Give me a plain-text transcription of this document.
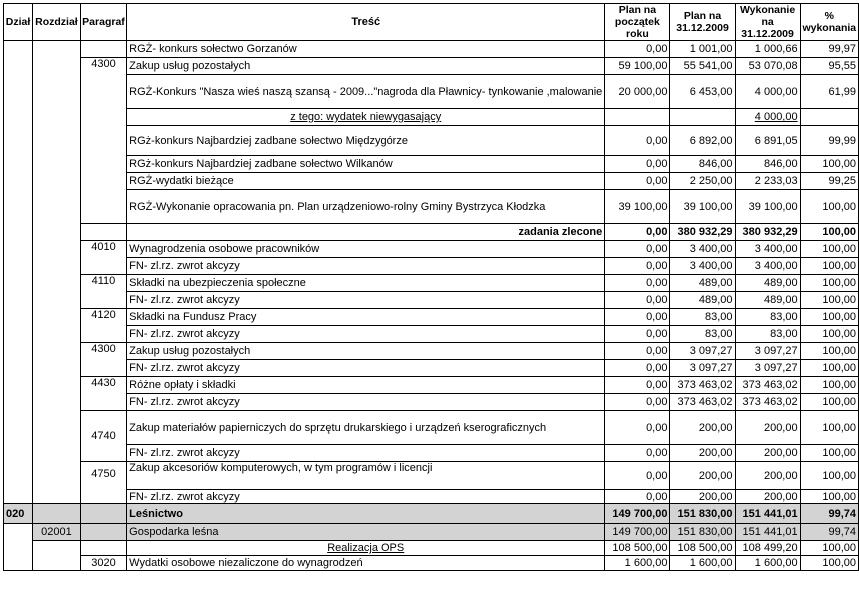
Dział	Rozdział	Paragraf	Treść	Plan na początek roku	Plan na 31.12.2009	Wykonanie na 31.12.2009	% wykonania
			RGŻ- konkurs sołectwo Gorzanów	0,00	1 001,00	1 000,66	99,97
		4300	Zakup usług pozostałych	59 100,00	55 541,00	53 070,08	95,55
			RGŻ-Konkurs "Nasza wieś naszą szansą - 2009..."nagroda dla Pławnicy- tynkowanie ,malowanie	20 000,00	6 453,00	4 000,00	61,99
			z tego: wydatek niewygasający			4 000,00	
			RGż-konkurs Najbardziej zadbane sołectwo Międzygórze	0,00	6 892,00	6 891,05	99,99
			RGż-konkurs Najbardziej zadbane sołectwo Wilkanów	0,00	846,00	846,00	100,00
			RGŻ-wydatki bieżące	0,00	2 250,00	2 233,03	99,25
			RGŻ-Wykonanie opracowania pn. Plan urządzeniowo-rolny Gminy Bystrzyca Kłodzka	39 100,00	39 100,00	39 100,00	100,00
			zadania zlecone	0,00	380 932,29	380 932,29	100,00
		4010	Wynagrodzenia osobowe pracowników	0,00	3 400,00	3 400,00	100,00
			FN- zl.rz. zwrot akcyzy	0,00	3 400,00	3 400,00	100,00
		4110	Składki na ubezpieczenia społeczne	0,00	489,00	489,00	100,00
			FN- zl.rz. zwrot akcyzy	0,00	489,00	489,00	100,00
		4120	Składki na Fundusz Pracy	0,00	83,00	83,00	100,00
			FN- zl.rz. zwrot akcyzy	0,00	83,00	83,00	100,00
		4300	Zakup usług pozostałych	0,00	3 097,27	3 097,27	100,00
			FN- zl.rz. zwrot akcyzy	0,00	3 097,27	3 097,27	100,00
		4430	Różne opłaty i składki	0,00	373 463,02	373 463,02	100,00
			FN- zl.rz. zwrot akcyzy	0,00	373 463,02	373 463,02	100,00
		4740	Zakup materiałów papierniczych do sprzętu drukarskiego i urządzeń kserograficznych	0,00	200,00	200,00	100,00
			FN- zl.rz. zwrot akcyzy	0,00	200,00	200,00	100,00
		4750	Zakup akcesoriów komputerowych, w tym programów i licencji	0,00	200,00	200,00	100,00
			FN- zl.rz. zwrot akcyzy	0,00	200,00	200,00	100,00
020			Leśnictwo	149 700,00	151 830,00	151 441,01	99,74
	02001		Gospodarka leśna	149 700,00	151 830,00	151 441,01	99,74
			Realizacja OPS	108 500,00	108 500,00	108 499,20	100,00
		3020	Wydatki osobowe niezaliczone do wynagrodzeń	1 600,00	1 600,00	1 600,00	100,00
